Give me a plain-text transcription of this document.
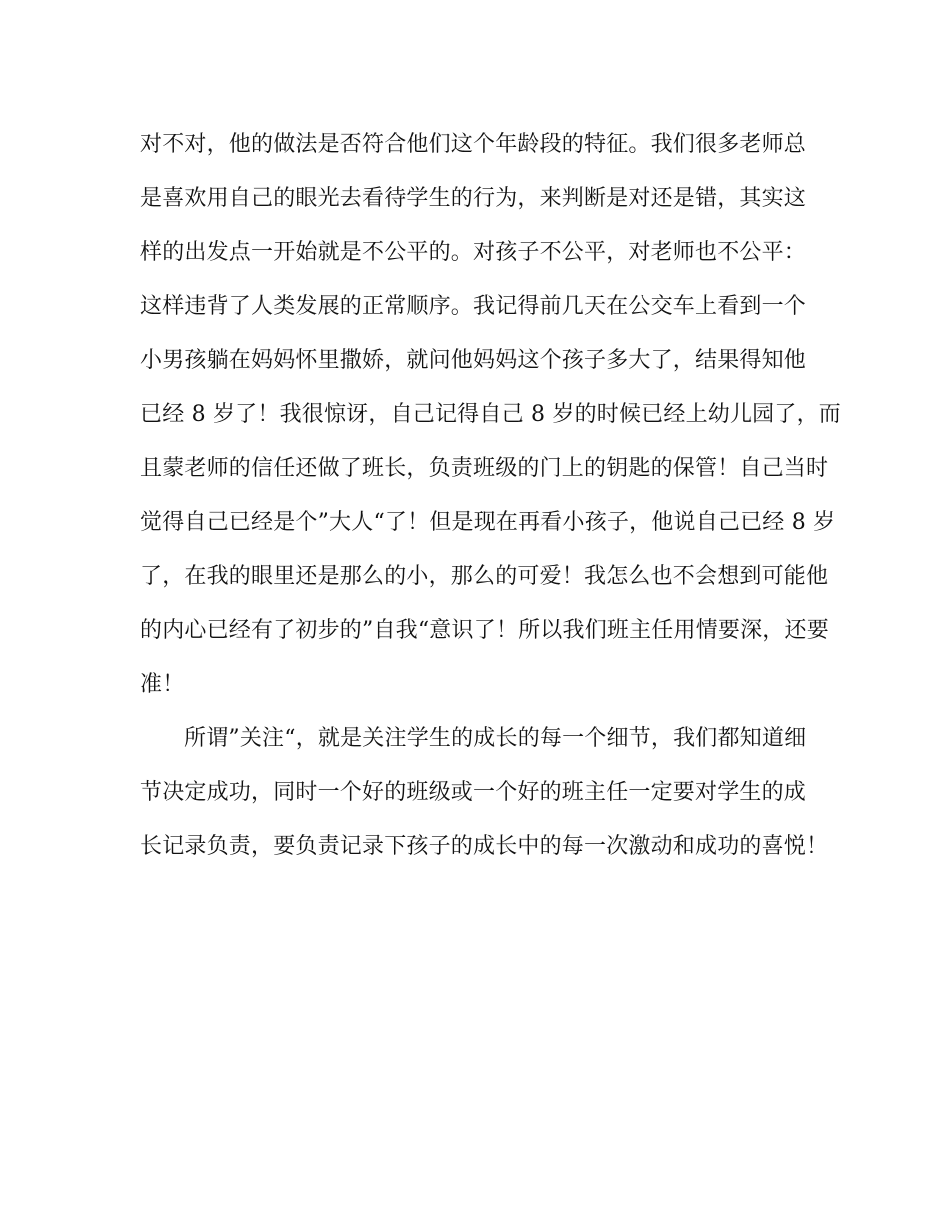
对不对，他的做法是否符合他们这个年龄段的特征。我们很多老师总
是喜欢用自己的眼光去看待学生的行为，来判断是对还是错，其实这
样的出发点一开始就是不公平的。对孩子不公平，对老师也不公平：
这样违背了人类发展的正常顺序。我记得前几天在公交车上看到一个
小男孩躺在妈妈怀里撒娇，就问他妈妈这个孩子多大了，结果得知他
已经 8 岁了！我很惊讶，自己记得自己 8 岁的时候已经上幼儿园了，而
且蒙老师的信任还做了班长，负责班级的门上的钥匙的保管！自己当时
觉得自己已经是个”大人“了！但是现在再看小孩子，他说自己已经 8 岁
了，在我的眼里还是那么的小，那么的可爱！我怎么也不会想到可能他
的内心已经有了初步的”自我“意识了！所以我们班主任用情要深，还要
准！
所谓”关注“，就是关注学生的成长的每一个细节，我们都知道细
节决定成功，同时一个好的班级或一个好的班主任一定要对学生的成
长记录负责，要负责记录下孩子的成长中的每一次激动和成功的喜悦！
